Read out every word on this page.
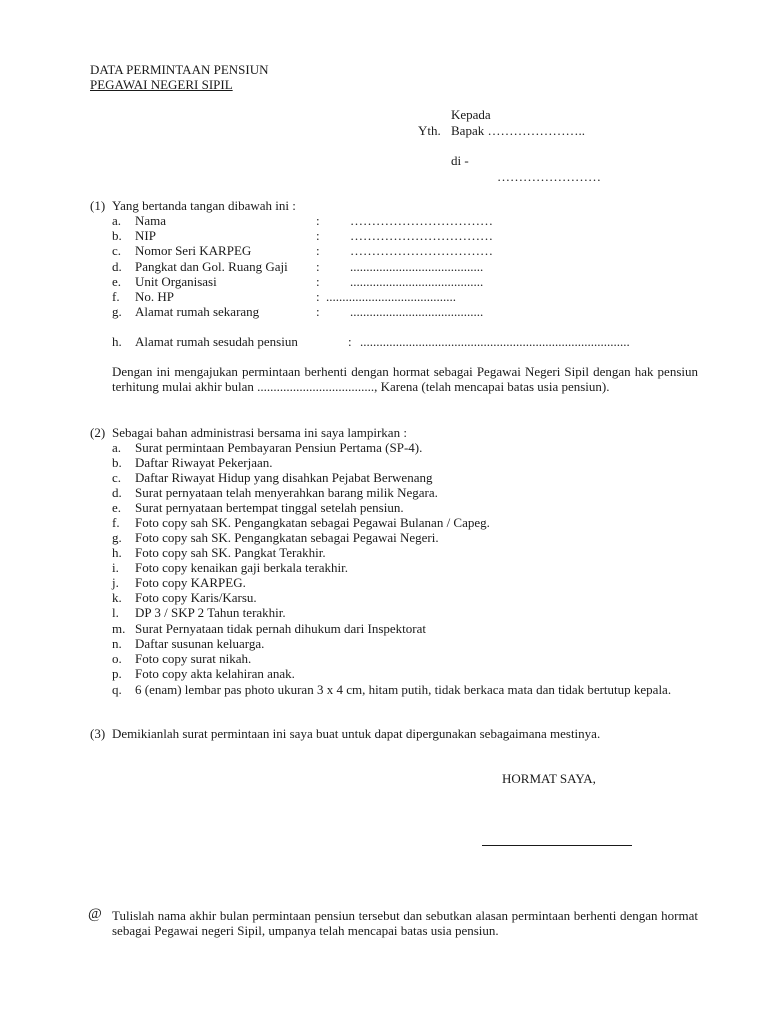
DATA PERMINTAAN PENSIUN
PEGAWAI NEGERI SIPIL
Kepada
Yth. Bapak …………………..
di -
……………………
(1) Yang bertanda tangan dibawah ini :
a. Nama	: ……………………………
b. NIP	: ……………………………
c. Nomor Seri KARPEG	: ……………………………
d. Pangkat dan Gol. Ruang Gaji : .........................................
e. Unit Organisasi	: .........................................
f. No. HP	: ........................................
g. Alamat rumah sekarang	: .........................................
h. Alamat rumah sesudah pensiun	: ...................................................................................
Dengan ini mengajukan permintaan berhenti dengan hormat sebagai Pegawai Negeri Sipil dengan hak pensiun terhitung mulai akhir bulan ...................................., Karena (telah mencapai batas usia pensiun).
(2) Sebagai bahan administrasi bersama ini saya lampirkan :
a. Surat permintaan Pembayaran Pensiun Pertama (SP-4).
b. Daftar Riwayat Pekerjaan.
c. Daftar Riwayat Hidup yang disahkan Pejabat Berwenang
d. Surat pernyataan telah menyerahkan barang milik Negara.
e. Surat pernyataan bertempat tinggal setelah pensiun.
f. Foto copy sah SK. Pengangkatan sebagai Pegawai Bulanan / Capeg.
g. Foto copy sah SK. Pengangkatan sebagai Pegawai Negeri.
h. Foto copy sah SK. Pangkat Terakhir.
i. Foto copy kenaikan gaji berkala terakhir.
j. Foto copy KARPEG.
k. Foto copy Karis/Karsu.
l. DP 3 / SKP 2 Tahun terakhir.
m. Surat Pernyataan tidak pernah dihukum dari Inspektorat
n. Daftar susunan keluarga.
o. Foto copy surat nikah.
p. Foto copy akta kelahiran anak.
q. 6 (enam) lembar pas photo ukuran 3 x 4 cm, hitam putih, tidak berkaca mata dan tidak bertutup kepala.
(3) Demikianlah surat permintaan ini saya buat untuk dapat dipergunakan sebagaimana mestinya.
HORMAT SAYA,
@ Tulislah nama akhir bulan permintaan pensiun tersebut dan sebutkan alasan permintaan berhenti dengan hormat sebagai Pegawai negeri Sipil, umpanya telah mencapai batas usia pensiun.
